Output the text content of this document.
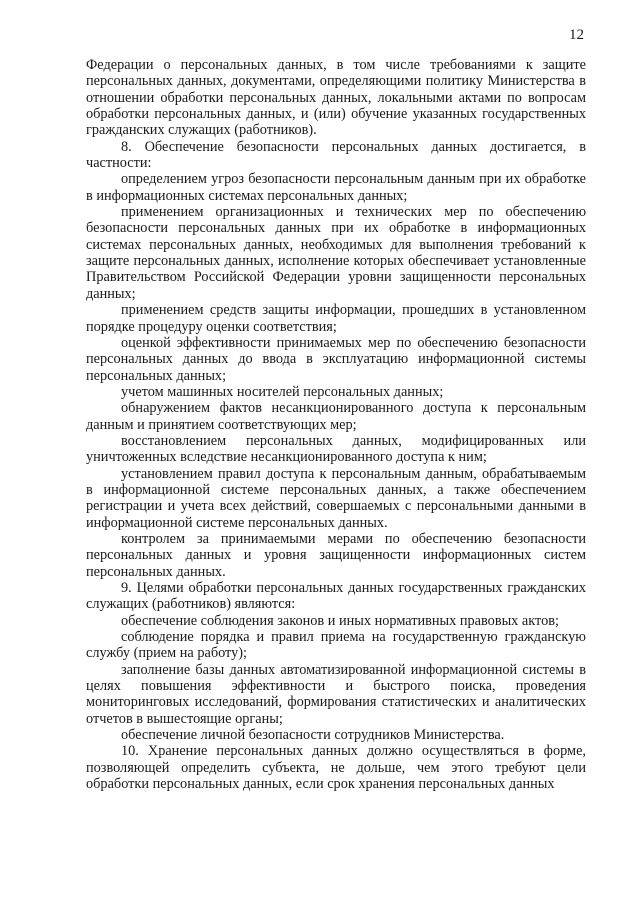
12

Федерации о персональных данных, в том числе требованиями к защите персональных данных, документами, определяющими политику Министерства в отношении обработки персональных данных, локальными актами по вопросам обработки персональных данных, и (или) обучение указанных государственных гражданских служащих (работников).

8. Обеспечение безопасности персональных данных достигается, в частности:

определением угроз безопасности персональным данным при их обработке в информационных системах персональных данных;

применением организационных и технических мер по обеспечению безопасности персональных данных при их обработке в информационных системах персональных данных, необходимых для выполнения требований к защите персональных данных, исполнение которых обеспечивает установленные Правительством Российской Федерации уровни защищенности персональных данных;

применением средств защиты информации, прошедших в установленном порядке процедуру оценки соответствия;

оценкой эффективности принимаемых мер по обеспечению безопасности персональных данных до ввода в эксплуатацию информационной системы персональных данных;

учетом машинных носителей персональных данных;

обнаружением фактов несанкционированного доступа к персональным данным и принятием соответствующих мер;

восстановлением персональных данных, модифицированных или уничтоженных вследствие несанкционированного доступа к ним;

установлением правил доступа к персональным данным, обрабатываемым в информационной системе персональных данных, а также обеспечением регистрации и учета всех действий, совершаемых с персональными данными в информационной системе персональных данных.

контролем за принимаемыми мерами по обеспечению безопасности персональных данных и уровня защищенности информационных систем персональных данных.

9. Целями обработки персональных данных государственных гражданских служащих (работников) являются:

обеспечение соблюдения законов и иных нормативных правовых актов;

соблюдение порядка и правил приема на государственную гражданскую службу (прием на работу);

заполнение базы данных автоматизированной информационной системы в целях повышения эффективности и быстрого поиска, проведения мониторинговых исследований, формирования статистических и аналитических отчетов в вышестоящие органы;

обеспечение личной безопасности сотрудников Министерства.

10. Хранение персональных данных должно осуществляться в форме, позволяющей определить субъекта, не дольше, чем этого требуют цели обработки персональных данных, если срок хранения персональных данных
